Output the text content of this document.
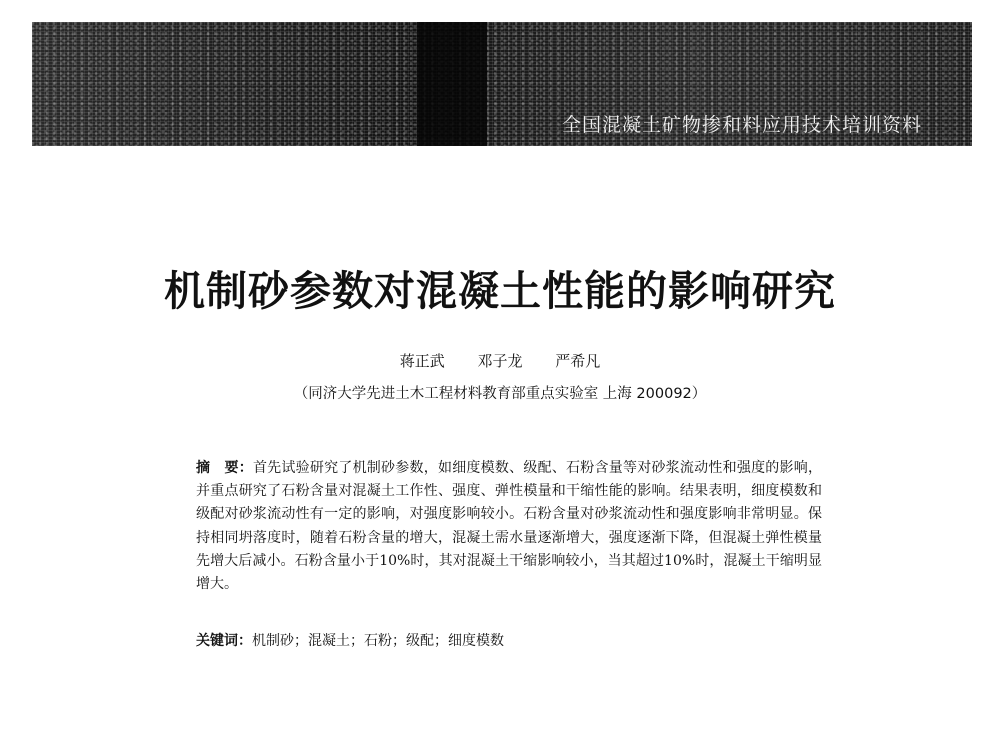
全国混凝土矿物掺和料应用技术培训资料
机制砂参数对混凝土性能的影响研究
蒋正武 邓子龙 严希凡
（同济大学先进土木工程材料教育部重点实验室 上海 200092）
摘　要：首先试验研究了机制砂参数，如细度模数、级配、石粉含量等对砂浆流动性和强度的影响，并重点研究了石粉含量对混凝土工作性、强度、弹性模量和干缩性能的影响。结果表明，细度模数和级配对砂浆流动性有一定的影响，对强度影响较小。石粉含量对砂浆流动性和强度影响非常明显。保持相同坍落度时，随着石粉含量的增大，混凝土需水量逐渐增大，强度逐渐下降，但混凝土弹性模量先增大后减小。石粉含量小于10%时，其对混凝土干缩影响较小，当其超过10%时，混凝土干缩明显增大。
关键词：机制砂；混凝土；石粉；级配；细度模数
